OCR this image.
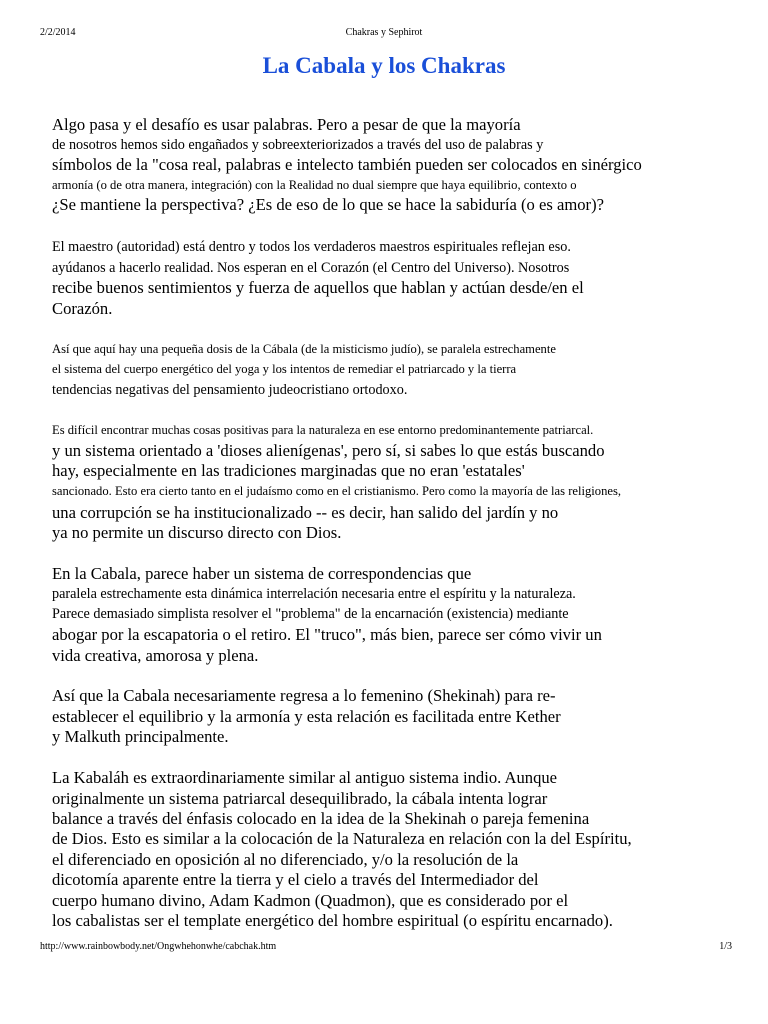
2/2/2014	Chakras y Sephirot
La Cabala y los Chakras
Algo pasa y el desafío es usar palabras. Pero a pesar de que la mayoría
de nosotros hemos sido engañados y sobreexteriorizados a través del uso de palabras y
símbolos de la "cosa real, palabras e intelecto también pueden ser colocados en sinérgico
armonía (o de otra manera, integración) con la Realidad no dual siempre que haya equilibrio, contexto o
¿Se mantiene la perspectiva? ¿Es de eso de lo que se hace la sabiduría (o es amor)?
El maestro (autoridad) está dentro y todos los verdaderos maestros espirituales reflejan eso.
ayúdanos a hacerlo realidad. Nos esperan en el Corazón (el Centro del Universo). Nosotros
recibe buenos sentimientos y fuerza de aquellos que hablan y actúan desde/en el
Corazón.
Así que aquí hay una pequeña dosis de la Cábala (de la misticismo judío), se paralela estrechamente
el sistema del cuerpo energético del yoga y los intentos de remediar el patriarcado y la tierra
tendencias negativas del pensamiento judeocristiano ortodoxo.
Es difícil encontrar muchas cosas positivas para la naturaleza en ese entorno predominantemente patriarcal.
y un sistema orientado a 'dioses alienígenas', pero sí, si sabes lo que estás buscando
hay, especialmente en las tradiciones marginadas que no eran 'estatales'
sancionado. Esto era cierto tanto en el judaísmo como en el cristianismo. Pero como la mayoría de las religiones,
una corrupción se ha institucionalizado -- es decir, han salido del jardín y no
ya no permite un discurso directo con Dios.
En la Cabala, parece haber un sistema de correspondencias que
paralela estrechamente esta dinámica interrelación necesaria entre el espíritu y la naturaleza.
Parece demasiado simplista resolver el "problema" de la encarnación (existencia) mediante
abogar por la escapatoria o el retiro. El "truco", más bien, parece ser cómo vivir un
vida creativa, amorosa y plena.
Así que la Cabala necesariamente regresa a lo femenino (Shekinah) para re-
establecer el equilibrio y la armonía y esta relación es facilitada entre Kether
y Malkuth principalmente.
La Kabaláh es extraordinariamente similar al antiguo sistema indio. Aunque
originalmente un sistema patriarcal desequilibrado, la cábala intenta lograr
balance a través del énfasis colocado en la idea de la Shekinah o pareja femenina
de Dios. Esto es similar a la colocación de la Naturaleza en relación con la del Espíritu,
el diferenciado en oposición al no diferenciado, y/o la resolución de la
dicotomía aparente entre la tierra y el cielo a través del Intermediador del
cuerpo humano divino, Adam Kadmon (Quadmon), que es considerado por el
los cabalistas ser el template energético del hombre espiritual (o espíritu encarnado).
http://www.rainbowbody.net/Ongwhehonwhe/cabchak.htm	1/3
